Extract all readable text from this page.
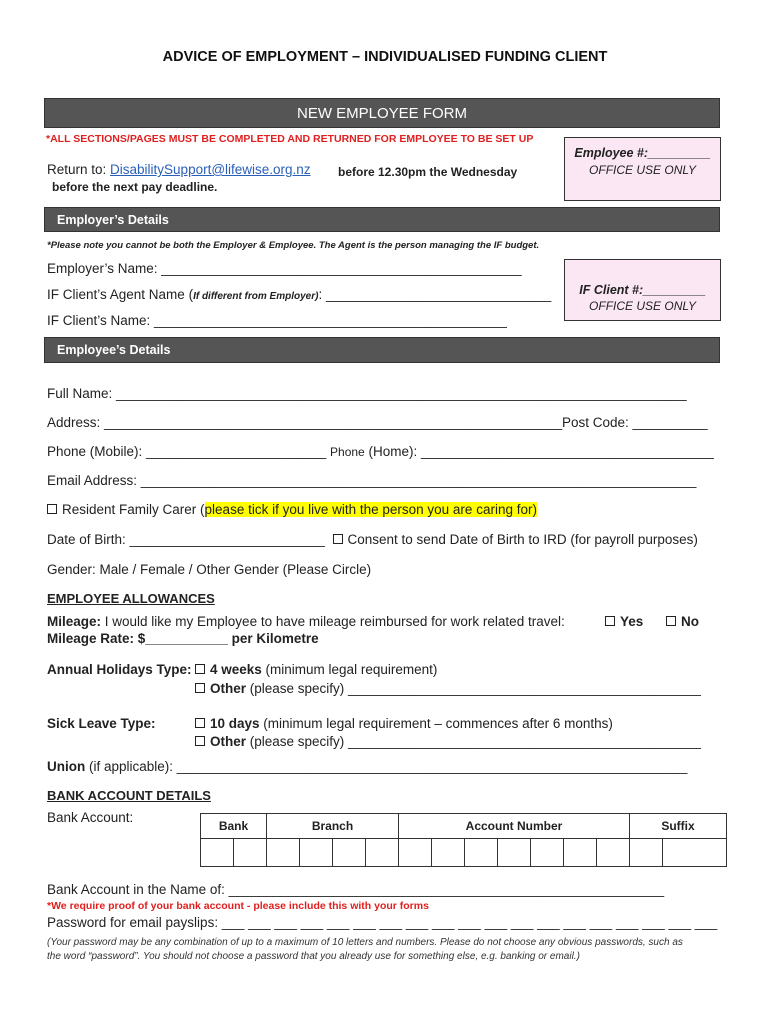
ADVICE OF EMPLOYMENT – INDIVIDUALISED FUNDING CLIENT
NEW EMPLOYEE FORM
*ALL SECTIONS/PAGES MUST BE COMPLETED AND RETURNED FOR EMPLOYEE TO BE SET UP
Return to: DisabilitySupport@lifewise.org.nz before 12.30pm the Wednesday
before the next pay deadline.
Employee #:_________
OFFICE USE ONLY
Employer’s Details
*Please note you cannot be both the Employer & Employee. The Agent is the person managing the IF budget.
Employer’s Name: ________________________________________________
IF Client’s Agent Name (If different from Employer): ______________________________
IF Client’s Name: _______________________________________________
IF Client #:_________
OFFICE USE ONLY
Employee’s Details
Full Name: ____________________________________________________________________________
Address: _____________________________________________________________Post Code: __________
Phone (Mobile): ________________________ Phone (Home): _______________________________________
Email Address: __________________________________________________________________________
Resident Family Carer (please tick if you live with the person you are caring for)
Date of Birth: __________________________ Consent to send Date of Birth to IRD (for payroll purposes)
Gender: Male / Female / Other Gender (Please Circle)
EMPLOYEE ALLOWANCES
Mileage: I would like my Employee to have mileage reimbursed for work related travel:	Yes	No
Mileage Rate: $___________ per Kilometre
Annual Holidays Type:	4 weeks (minimum legal requirement)
Other (please specify) _______________________________________________
Sick Leave Type:	10 days (minimum legal requirement – commences after 6 months)
Other (please specify) _______________________________________________
Union (if applicable): ____________________________________________________________________
BANK ACCOUNT DETAILS
Bank Account:
Bank		Branch				Account Number							Suffix	

Bank Account in the Name of: __________________________________________________________
*We require proof of your bank account - please include this with your forms
Password for email payslips: ___ ___ ___ ___ ___ ___ ___ ___ ___ ___ ___ ___ ___ ___ ___ ___ ___ ___ ___
(Your password may be any combination of up to a maximum of 10 letters and numbers. Please do not choose any obvious passwords, such as
the word “password”. You should not choose a password that you already use for something else, e.g. banking or email.)
